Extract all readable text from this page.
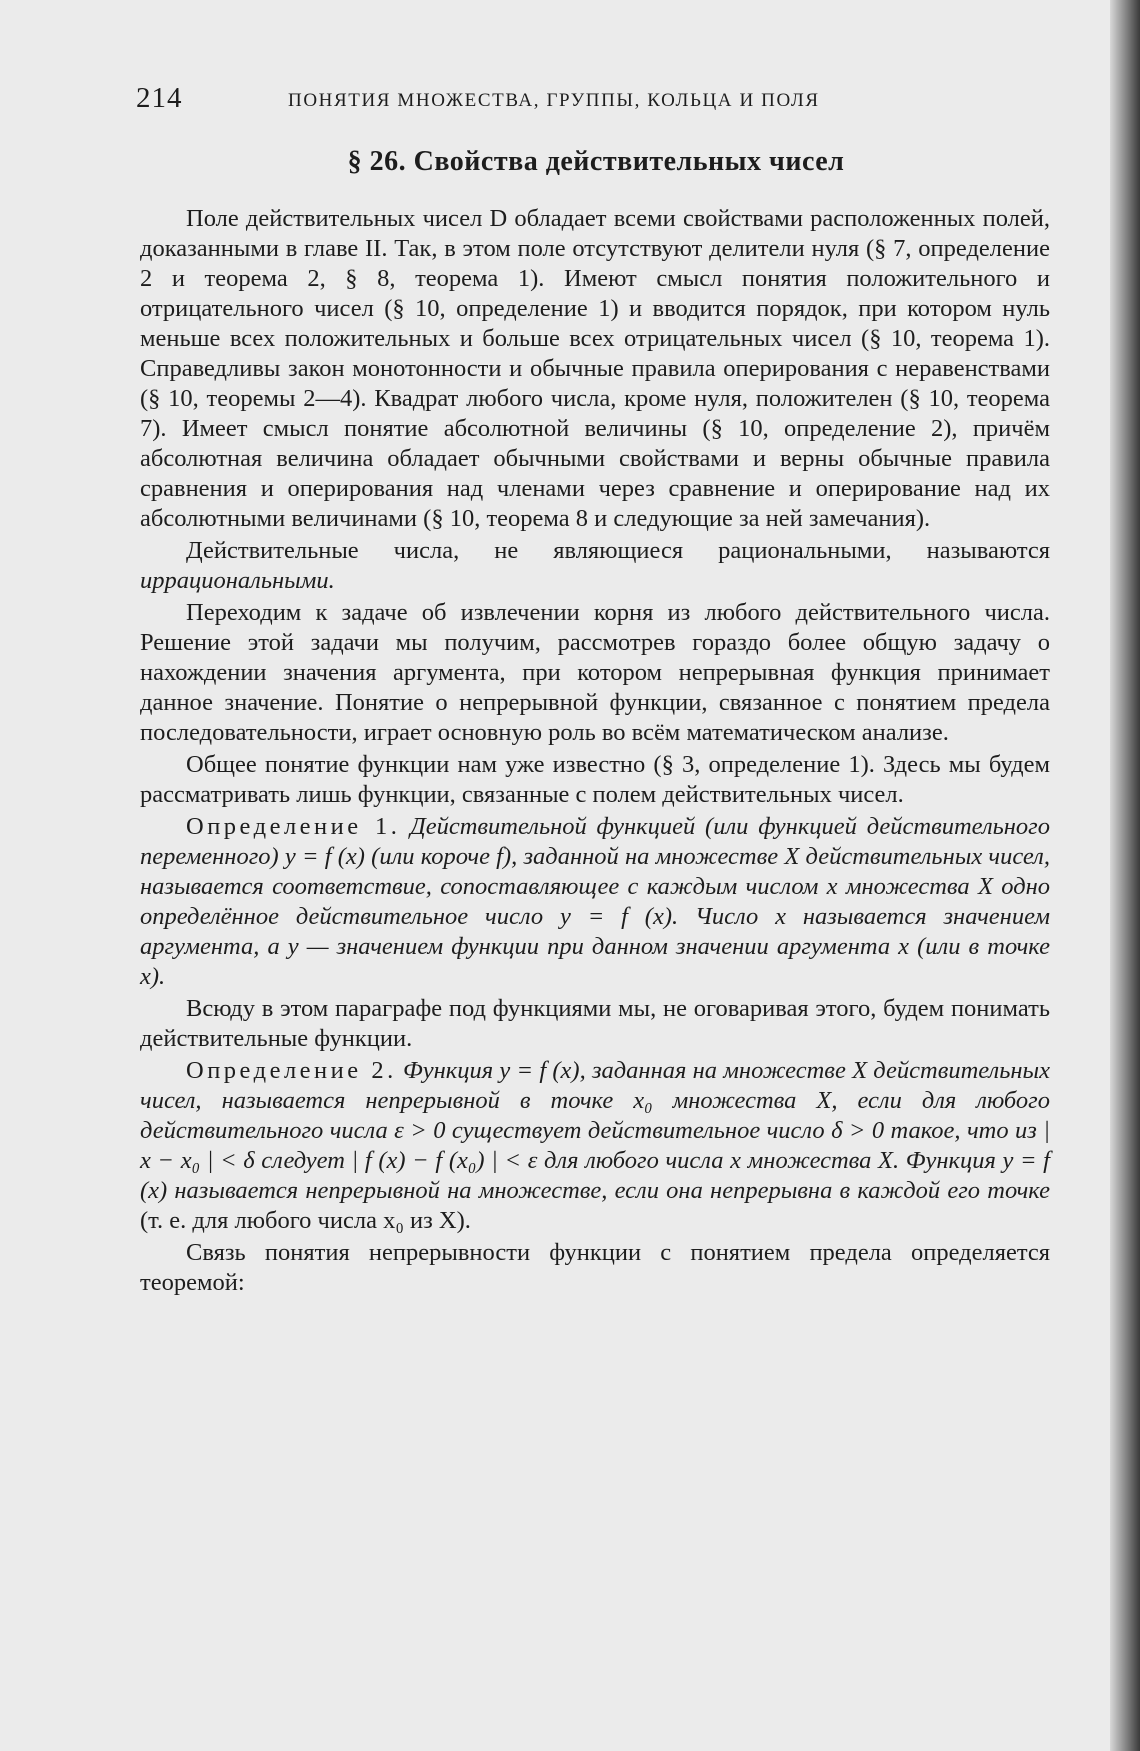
214	ПОНЯТИЯ МНОЖЕСТВА, ГРУППЫ, КОЛЬЦА И ПОЛЯ
§ 26. Свойства действительных чисел

Поле действительных чисел D обладает всеми свойствами расположенных полей, доказанными в главе II. Так, в этом поле отсутствуют делители нуля (§ 7, определение 2 и теорема 2, § 8, теорема 1). Имеют смысл понятия положительного и отрицательного чисел (§ 10, определение 1) и вводится порядок, при котором нуль меньше всех положительных и больше всех отрицательных чисел (§ 10, теорема 1). Справедливы закон монотонности и обычные правила оперирования с неравенствами (§ 10, теоремы 2—4). Квадрат любого числа, кроме нуля, положителен (§ 10, теорема 7). Имеет смысл понятие абсолютной величины (§ 10, определение 2), причём абсолютная величина обладает обычными свойствами и верны обычные правила сравнения и оперирования над членами через сравнение и оперирование над их абсолютными величинами (§ 10, теорема 8 и следующие за ней замечания).

Действительные числа, не являющиеся рациональными, называются иррациональными.

Переходим к задаче об извлечении корня из любого действительного числа. Решение этой задачи мы получим, рассмотрев гораздо более общую задачу о нахождении значения аргумента, при котором непрерывная функция принимает данное значение. Понятие о непрерывной функции, связанное с понятием предела последовательности, играет основную роль во всём математическом анализе.

Общее понятие функции нам уже известно (§ 3, определение 1). Здесь мы будем рассматривать лишь функции, связанные с полем действительных чисел.

Определение 1. Действительной функцией (или функцией действительного переменного) y = f (x) (или короче f), заданной на множестве X действительных чисел, называется соответствие, сопоставляющее с каждым числом x множества X одно определённое действительное число y = f (x). Число x называется значением аргумента, а y — значением функции при данном значении аргумента x (или в точке x).

Всюду в этом параграфе под функциями мы, не оговаривая этого, будем понимать действительные функции.

Определение 2. Функция y = f (x), заданная на множестве X действительных чисел, называется непрерывной в точке x₀ множества X, если для любого действительного числа ε > 0 существует действительное число δ > 0 такое, что из | x − x₀ | < δ следует | f (x) − f (x₀) | < ε для любого числа x множества X. Функция y = f (x) называется непрерывной на множестве, если она непрерывна в каждой его точке (т. е. для любого числа x₀ из X).

Связь понятия непрерывности функции с понятием предела определяется теоремой:
